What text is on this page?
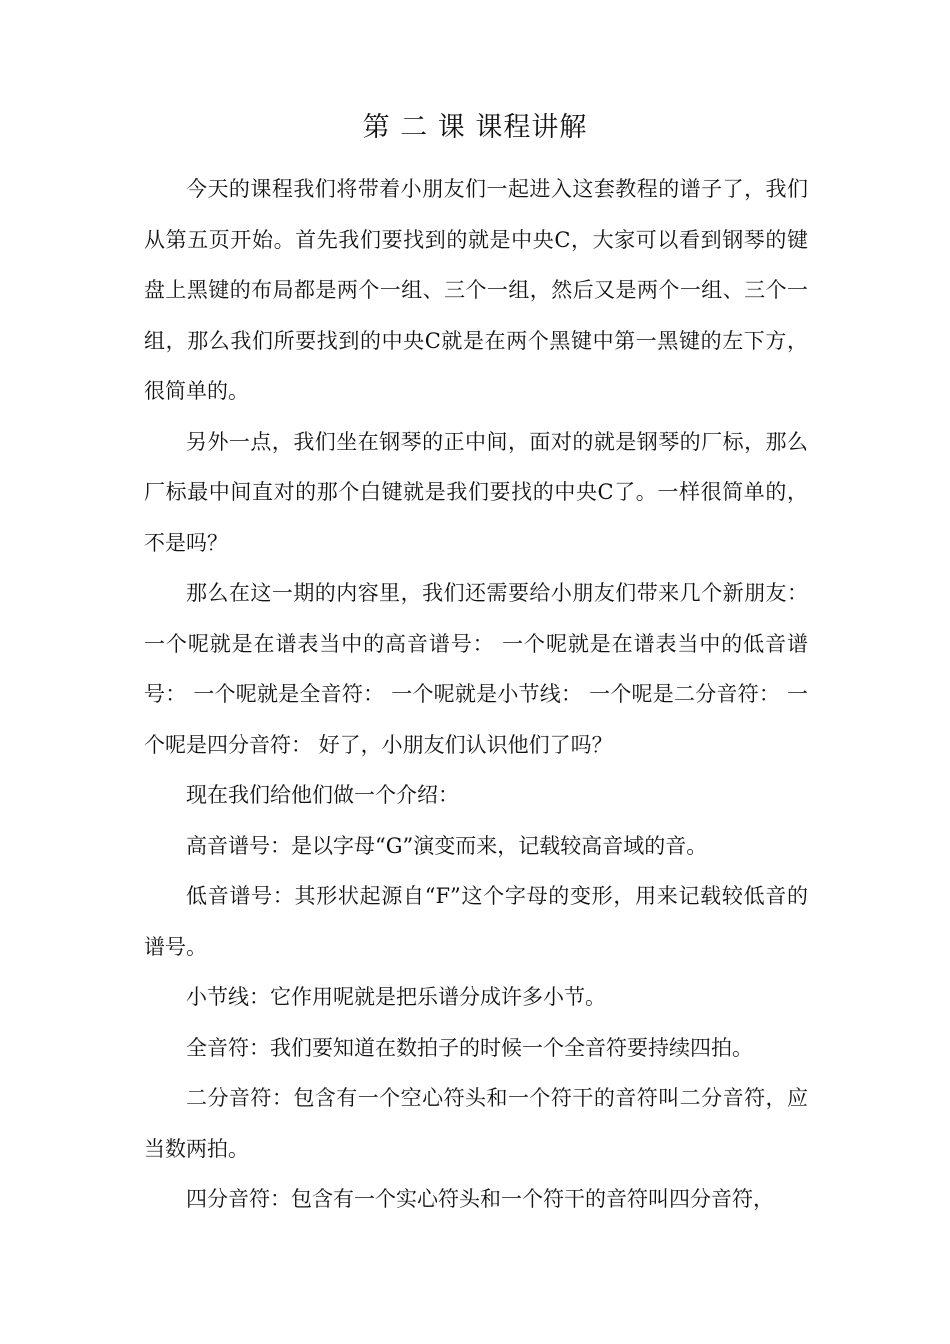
第 二 课 课程讲解

今天的课程我们将带着小朋友们一起进入这套教程的谱子了，我们从第五页开始。首先我们要找到的就是中央C，大家可以看到钢琴的键盘上黑键的布局都是两个一组、三个一组，然后又是两个一组、三个一组，那么我们所要找到的中央C就是在两个黑键中第一黑键的左下方，很简单的。

另外一点，我们坐在钢琴的正中间，面对的就是钢琴的厂标，那么厂标最中间直对的那个白键就是我们要找的中央C了。一样很简单的，不是吗？

那么在这一期的内容里，我们还需要给小朋友们带来几个新朋友： 一个呢就是在谱表当中的高音谱号： 一个呢就是在谱表当中的低音谱号： 一个呢就是全音符： 一个呢就是小节线： 一个呢是二分音符： 一个呢是四分音符： 好了，小朋友们认识他们了吗？

现在我们给他们做一个介绍：

高音谱号：是以字母“G”演变而来，记载较高音域的音。

低音谱号：其形状起源自“F”这个字母的变形，用来记载较低音的谱号。

小节线：它作用呢就是把乐谱分成许多小节。

全音符：我们要知道在数拍子的时候一个全音符要持续四拍。

二分音符：包含有一个空心符头和一个符干的音符叫二分音符，应当数两拍。

四分音符：包含有一个实心符头和一个符干的音符叫四分音符，
